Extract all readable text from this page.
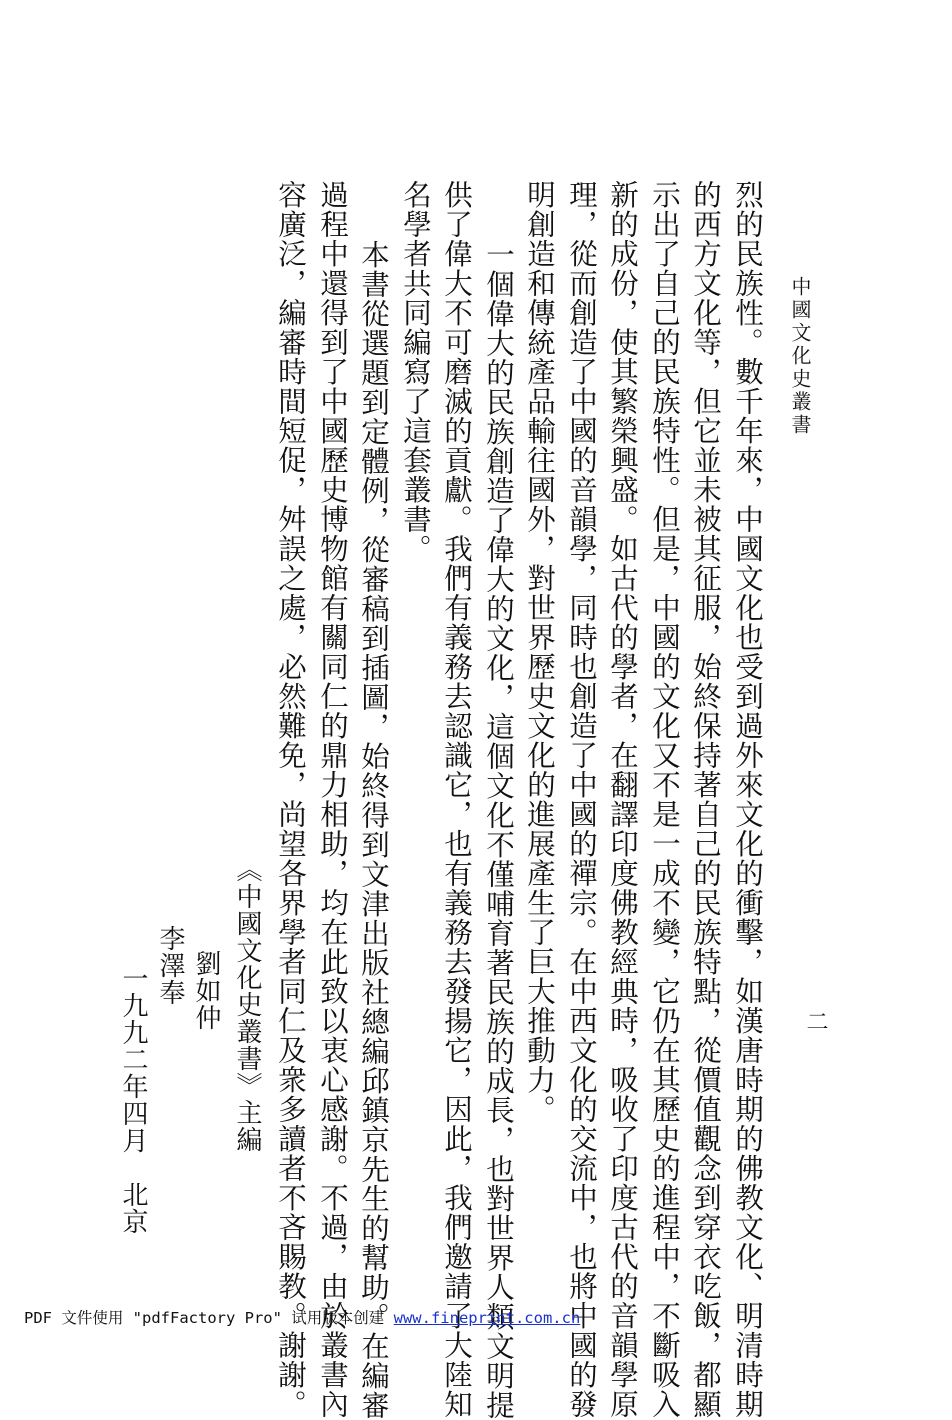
中國文化史叢書
二
烈的民族性。數千年來，中國文化也受到過外來文化的衝擊，如漢唐時期的佛教文化、明清時期
的西方文化等，但它並未被其征服，始終保持著自己的民族特點，從價值觀念到穿衣吃飯，都顯
示出了自己的民族特性。但是，中國的文化又不是一成不變，它仍在其歷史的進程中，不斷吸入
新的成份，使其繁榮興盛。如古代的學者，在翻譯印度佛教經典時，吸收了印度古代的音韻學原
理，從而創造了中國的音韻學，同時也創造了中國的禪宗。在中西文化的交流中，也將中國的發
明創造和傳統產品輸往國外，對世界歷史文化的進展產生了巨大推動力。
一個偉大的民族創造了偉大的文化，這個文化不僅哺育著民族的成長，也對世界人類文明提
供了偉大不可磨滅的貢獻。我們有義務去認識它，也有義務去發揚它，因此，我們邀請了大陸知
名學者共同編寫了這套叢書。
本書從選題到定體例，從審稿到插圖，始終得到文津出版社總編邱鎮京先生的幫助。在編審
過程中還得到了中國歷史博物館有關同仁的鼎力相助，均在此致以衷心感謝。不過，由於叢書內
容廣泛，編審時間短促，舛誤之處，必然難免，尚望各界學者同仁及衆多讀者不吝賜教。謝謝。
《中國文化史叢書》主編
劉如仲
李澤奉
一九九二年四月　北京
PDF 文件使用 "pdfFactory Pro" 试用版本创建 www.fineprint.com.cn
